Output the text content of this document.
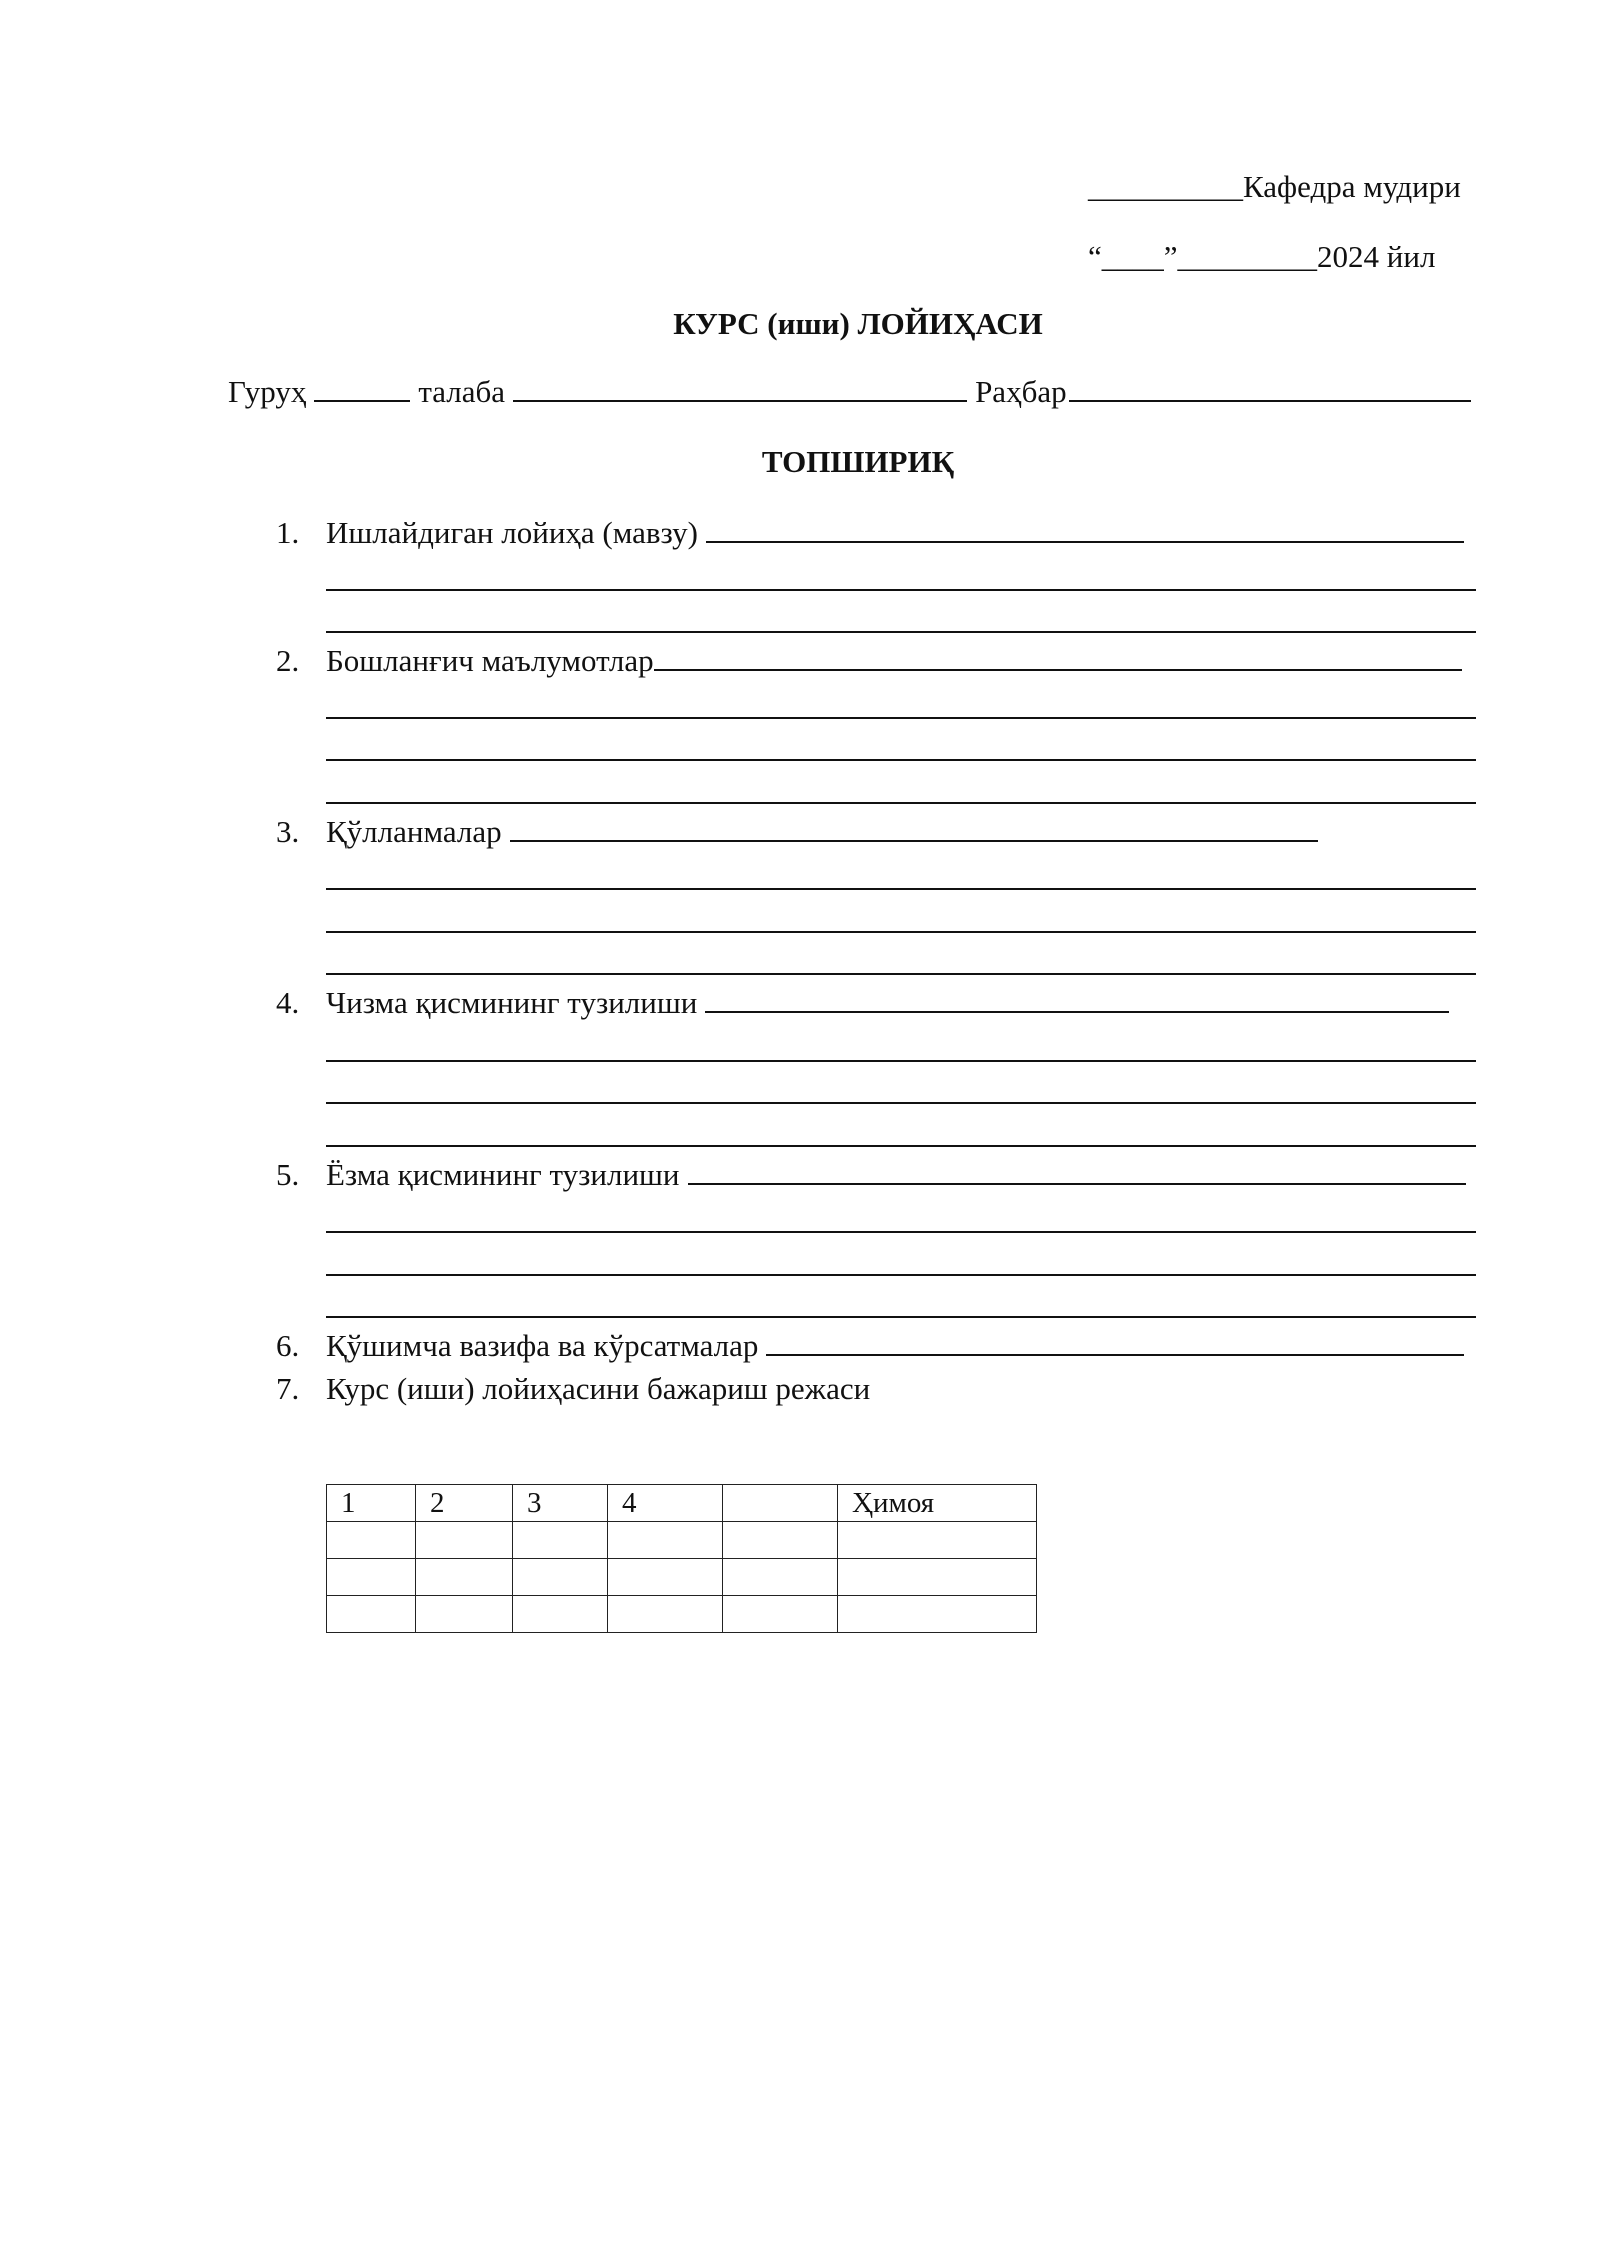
__________Кафедра мудири
“____”_________2024 йил
КУРС (иши) ЛОЙИҲАСИ
Гуруҳ	талаба	Раҳбар
ТОПШИРИҚ
1. Ишлайдиган лойиҳа (мавзу)
2. Бошланғич маълумотлар
3. Қўлланмалар
4. Чизма қисмининг тузилиши
5. Ёзма қисмининг тузилиши
6. Қўшимча вазифа ва кўрсатмалар
7. Курс (иши) лойиҳасини бажариш режаси
1	2	3	4		Ҳимоя
